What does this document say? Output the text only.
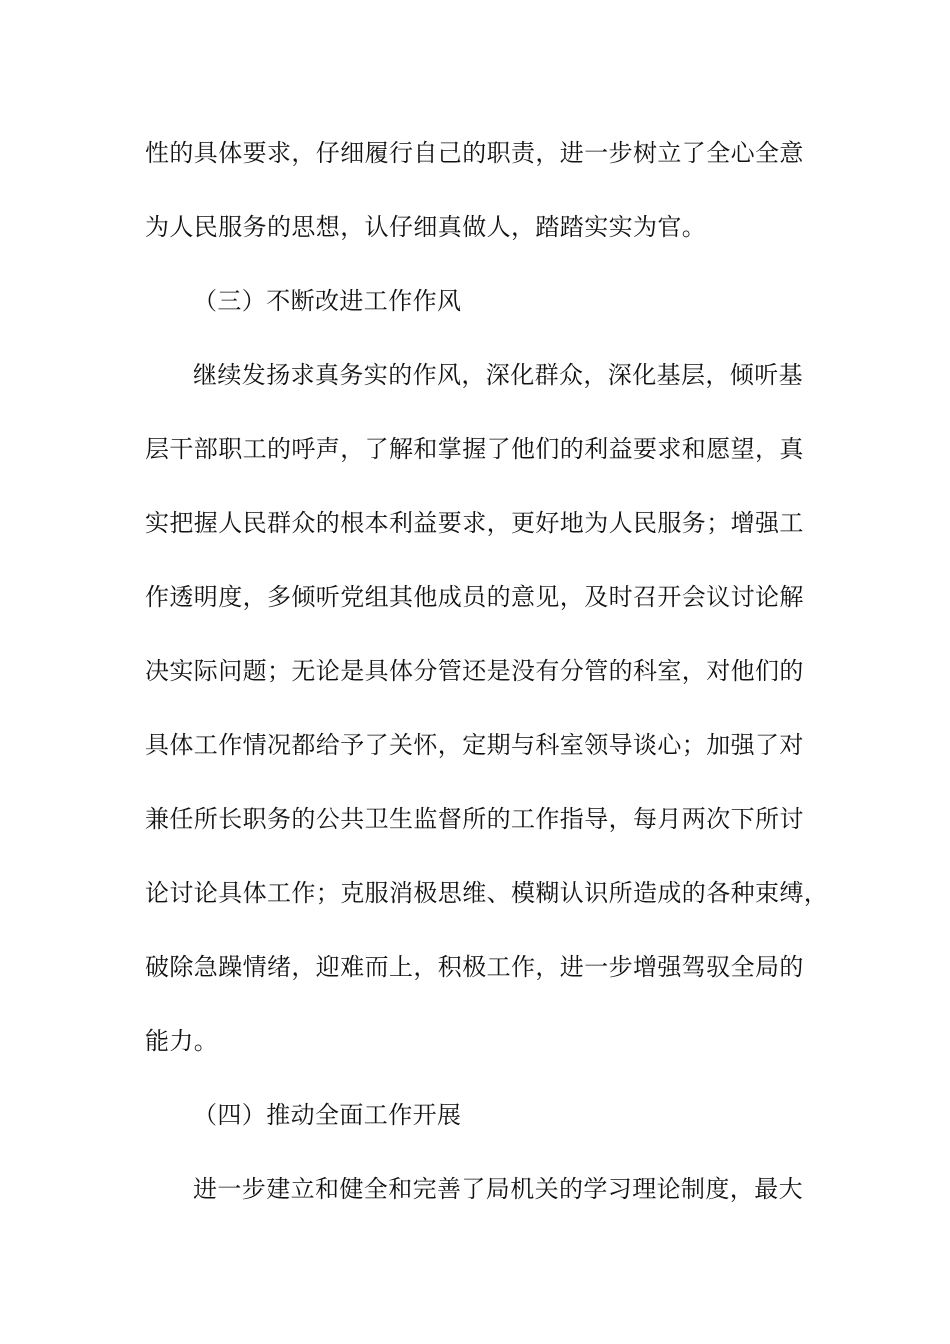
性的具体要求，仔细履行自己的职责，进一步树立了全心全意
为人民服务的思想，认仔细真做人，踏踏实实为官。
（三）不断改进工作作风
继续发扬求真务实的作风，深化群众，深化基层，倾听基
层干部职工的呼声，了解和掌握了他们的利益要求和愿望，真
实把握人民群众的根本利益要求，更好地为人民服务；增强工
作透明度，多倾听党组其他成员的意见，及时召开会议讨论解
决实际问题；无论是具体分管还是没有分管的科室，对他们的
具体工作情况都给予了关怀，定期与科室领导谈心；加强了对
兼任所长职务的公共卫生监督所的工作指导，每月两次下所讨
论讨论具体工作；克服消极思维、模糊认识所造成的各种束缚，
破除急躁情绪，迎难而上，积极工作，进一步增强驾驭全局的
能力。
（四）推动全面工作开展
进一步建立和健全和完善了局机关的学习理论制度，最大
